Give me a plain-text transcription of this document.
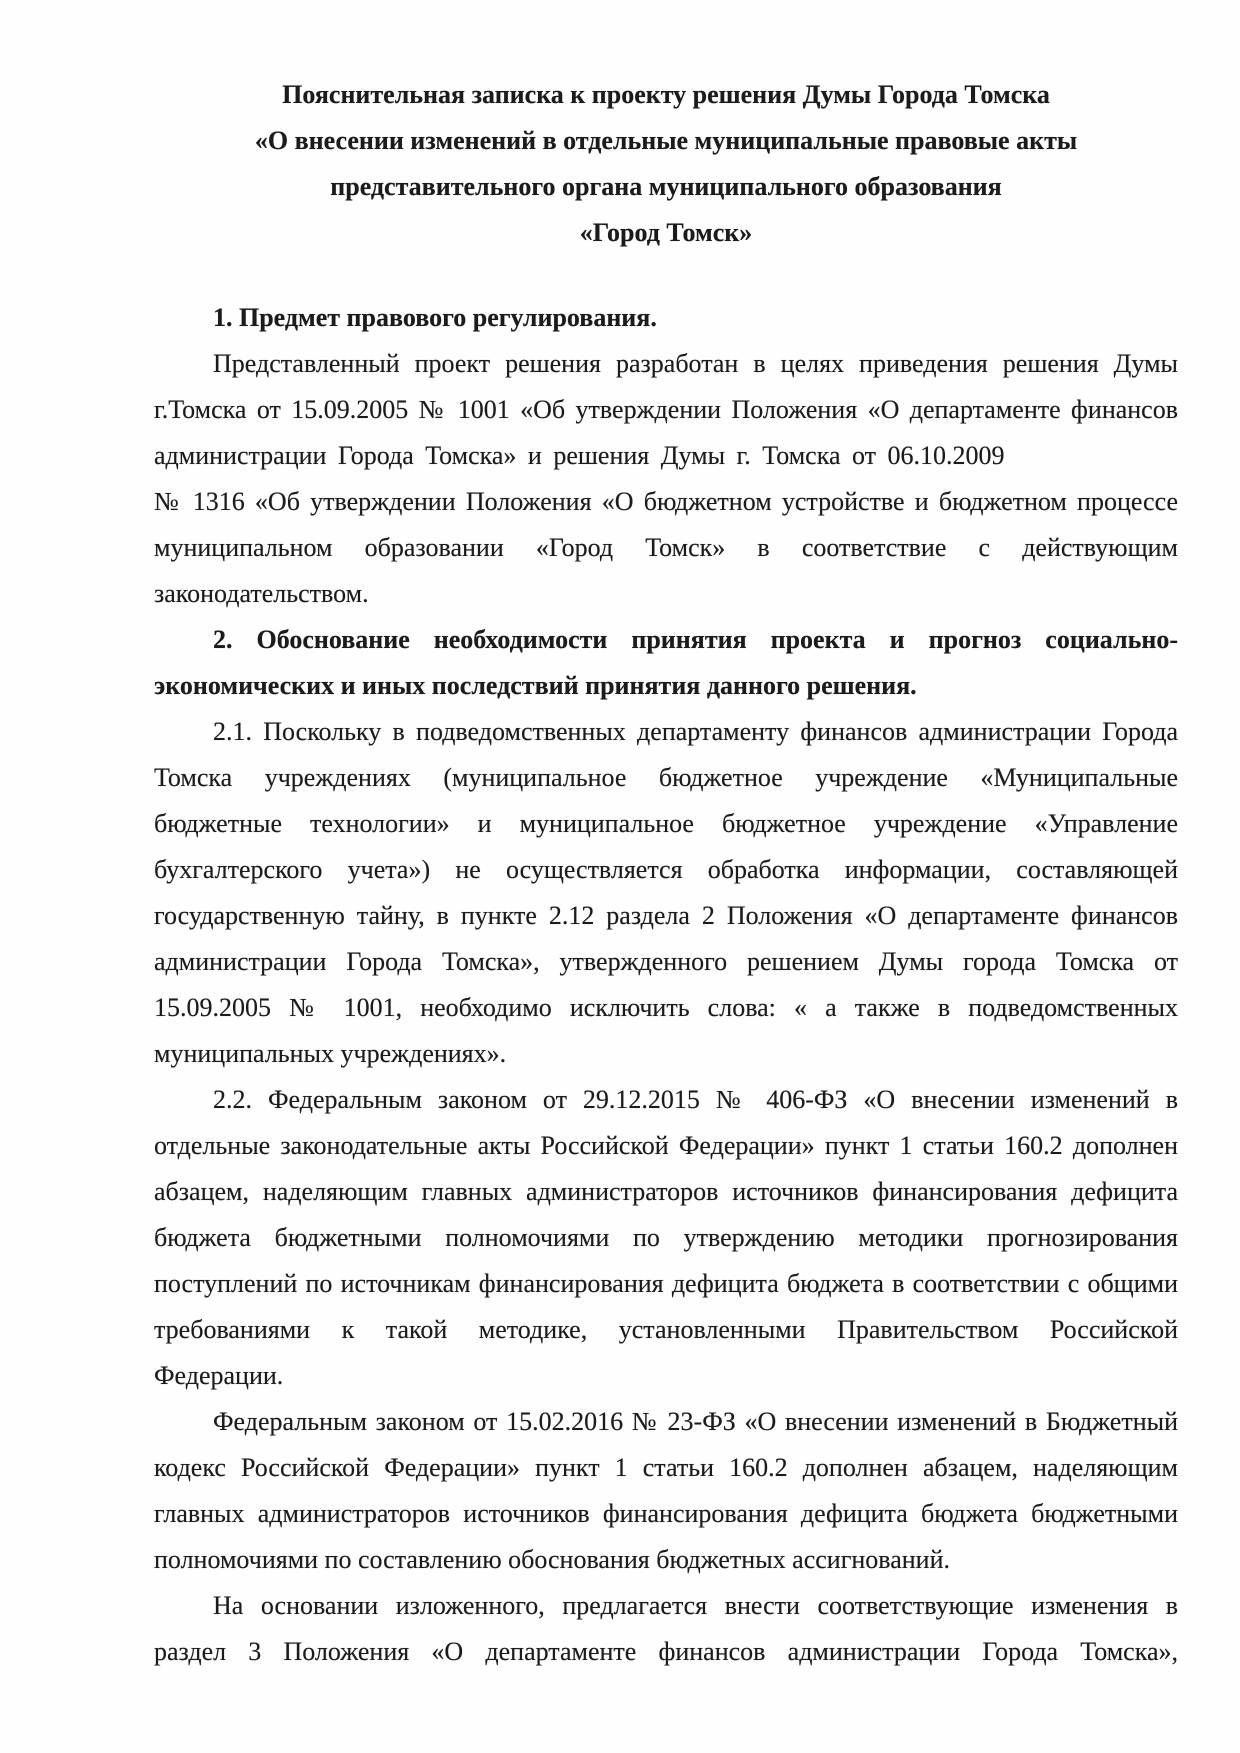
Пояснительная записка к проекту решения Думы Города Томска
«О внесении изменений в отдельные муниципальные правовые акты
представительного органа муниципального образования
«Город Томск»
1. Предмет правового регулирования.
Представленный проект решения разработан в целях приведения решения Думы
г.Томска от 15.09.2005 № 1001 «Об утверждении Положения «О департаменте финансов
администрации Города Томска» и решения Думы г. Томска от 06.10.2009
№ 1316 «Об утверждении Положения «О бюджетном устройстве и бюджетном процессе
муниципальном образовании «Город Томск» в соответствие с действующим
законодательством.
2. Обоснование необходимости принятия проекта и прогноз социально-
экономических и иных последствий принятия данного решения.
2.1. Поскольку в подведомственных департаменту финансов администрации Города
Томска учреждениях (муниципальное бюджетное учреждение «Муниципальные
бюджетные технологии» и муниципальное бюджетное учреждение «Управление
бухгалтерского учета») не осуществляется обработка информации, составляющей
государственную тайну, в пункте 2.12 раздела 2 Положения «О департаменте финансов
администрации Города Томска», утвержденного решением Думы города Томска от
15.09.2005 № 1001, необходимо исключить слова: « а также в подведомственных
муниципальных учреждениях».
2.2. Федеральным законом от 29.12.2015 № 406-ФЗ «О внесении изменений в
отдельные законодательные акты Российской Федерации» пункт 1 статьи 160.2 дополнен
абзацем, наделяющим главных администраторов источников финансирования дефицита
бюджета бюджетными полномочиями по утверждению методики прогнозирования
поступлений по источникам финансирования дефицита бюджета в соответствии с общими
требованиями к такой методике, установленными Правительством Российской
Федерации.
Федеральным законом от 15.02.2016 № 23-ФЗ «О внесении изменений в Бюджетный
кодекс Российской Федерации» пункт 1 статьи 160.2 дополнен абзацем, наделяющим
главных администраторов источников финансирования дефицита бюджета бюджетными
полномочиями по составлению обоснования бюджетных ассигнований.
На основании изложенного, предлагается внести соответствующие изменения в
раздел 3 Положения «О департаменте финансов администрации Города Томска»,
